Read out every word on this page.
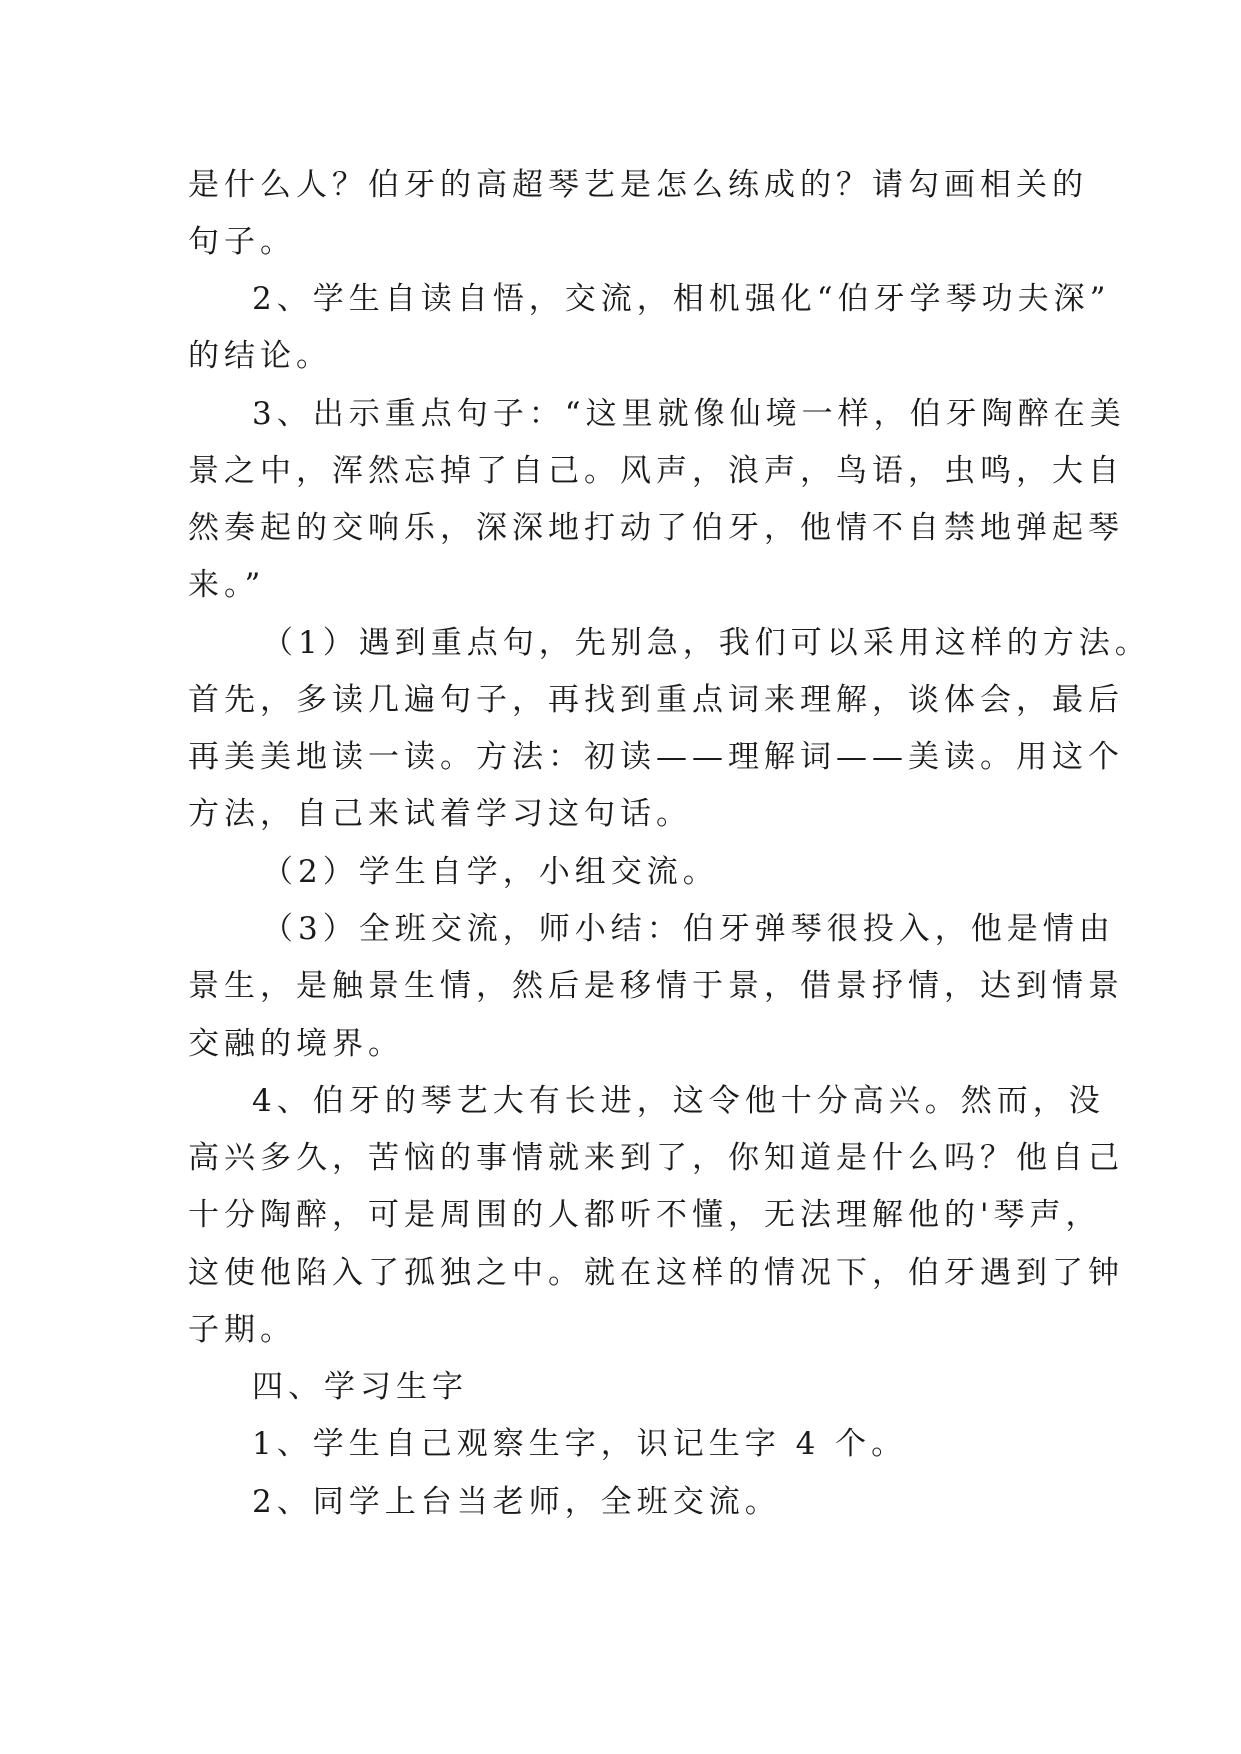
是什么人？伯牙的高超琴艺是怎么练成的？请勾画相关的
句子。
2、学生自读自悟，交流，相机强化“伯牙学琴功夫深”
的结论。
3、出示重点句子：“这里就像仙境一样，伯牙陶醉在美
景之中，浑然忘掉了自己。风声，浪声，鸟语，虫鸣，大自
然奏起的交响乐，深深地打动了伯牙，他情不自禁地弹起琴
来。”
（1）遇到重点句，先别急，我们可以采用这样的方法。
首先，多读几遍句子，再找到重点词来理解，谈体会，最后
再美美地读一读。方法：初读——理解词——美读。用这个
方法，自己来试着学习这句话。
（2）学生自学，小组交流。
（3）全班交流，师小结：伯牙弹琴很投入，他是情由
景生，是触景生情，然后是移情于景，借景抒情，达到情景
交融的境界。
4、伯牙的琴艺大有长进，这令他十分高兴。然而，没
高兴多久，苦恼的事情就来到了，你知道是什么吗？他自己
十分陶醉，可是周围的人都听不懂，无法理解他的'琴声，
这使他陷入了孤独之中。就在这样的情况下，伯牙遇到了钟
子期。
四、学习生字
1、学生自己观察生字，识记生字 4 个。
2、同学上台当老师，全班交流。
